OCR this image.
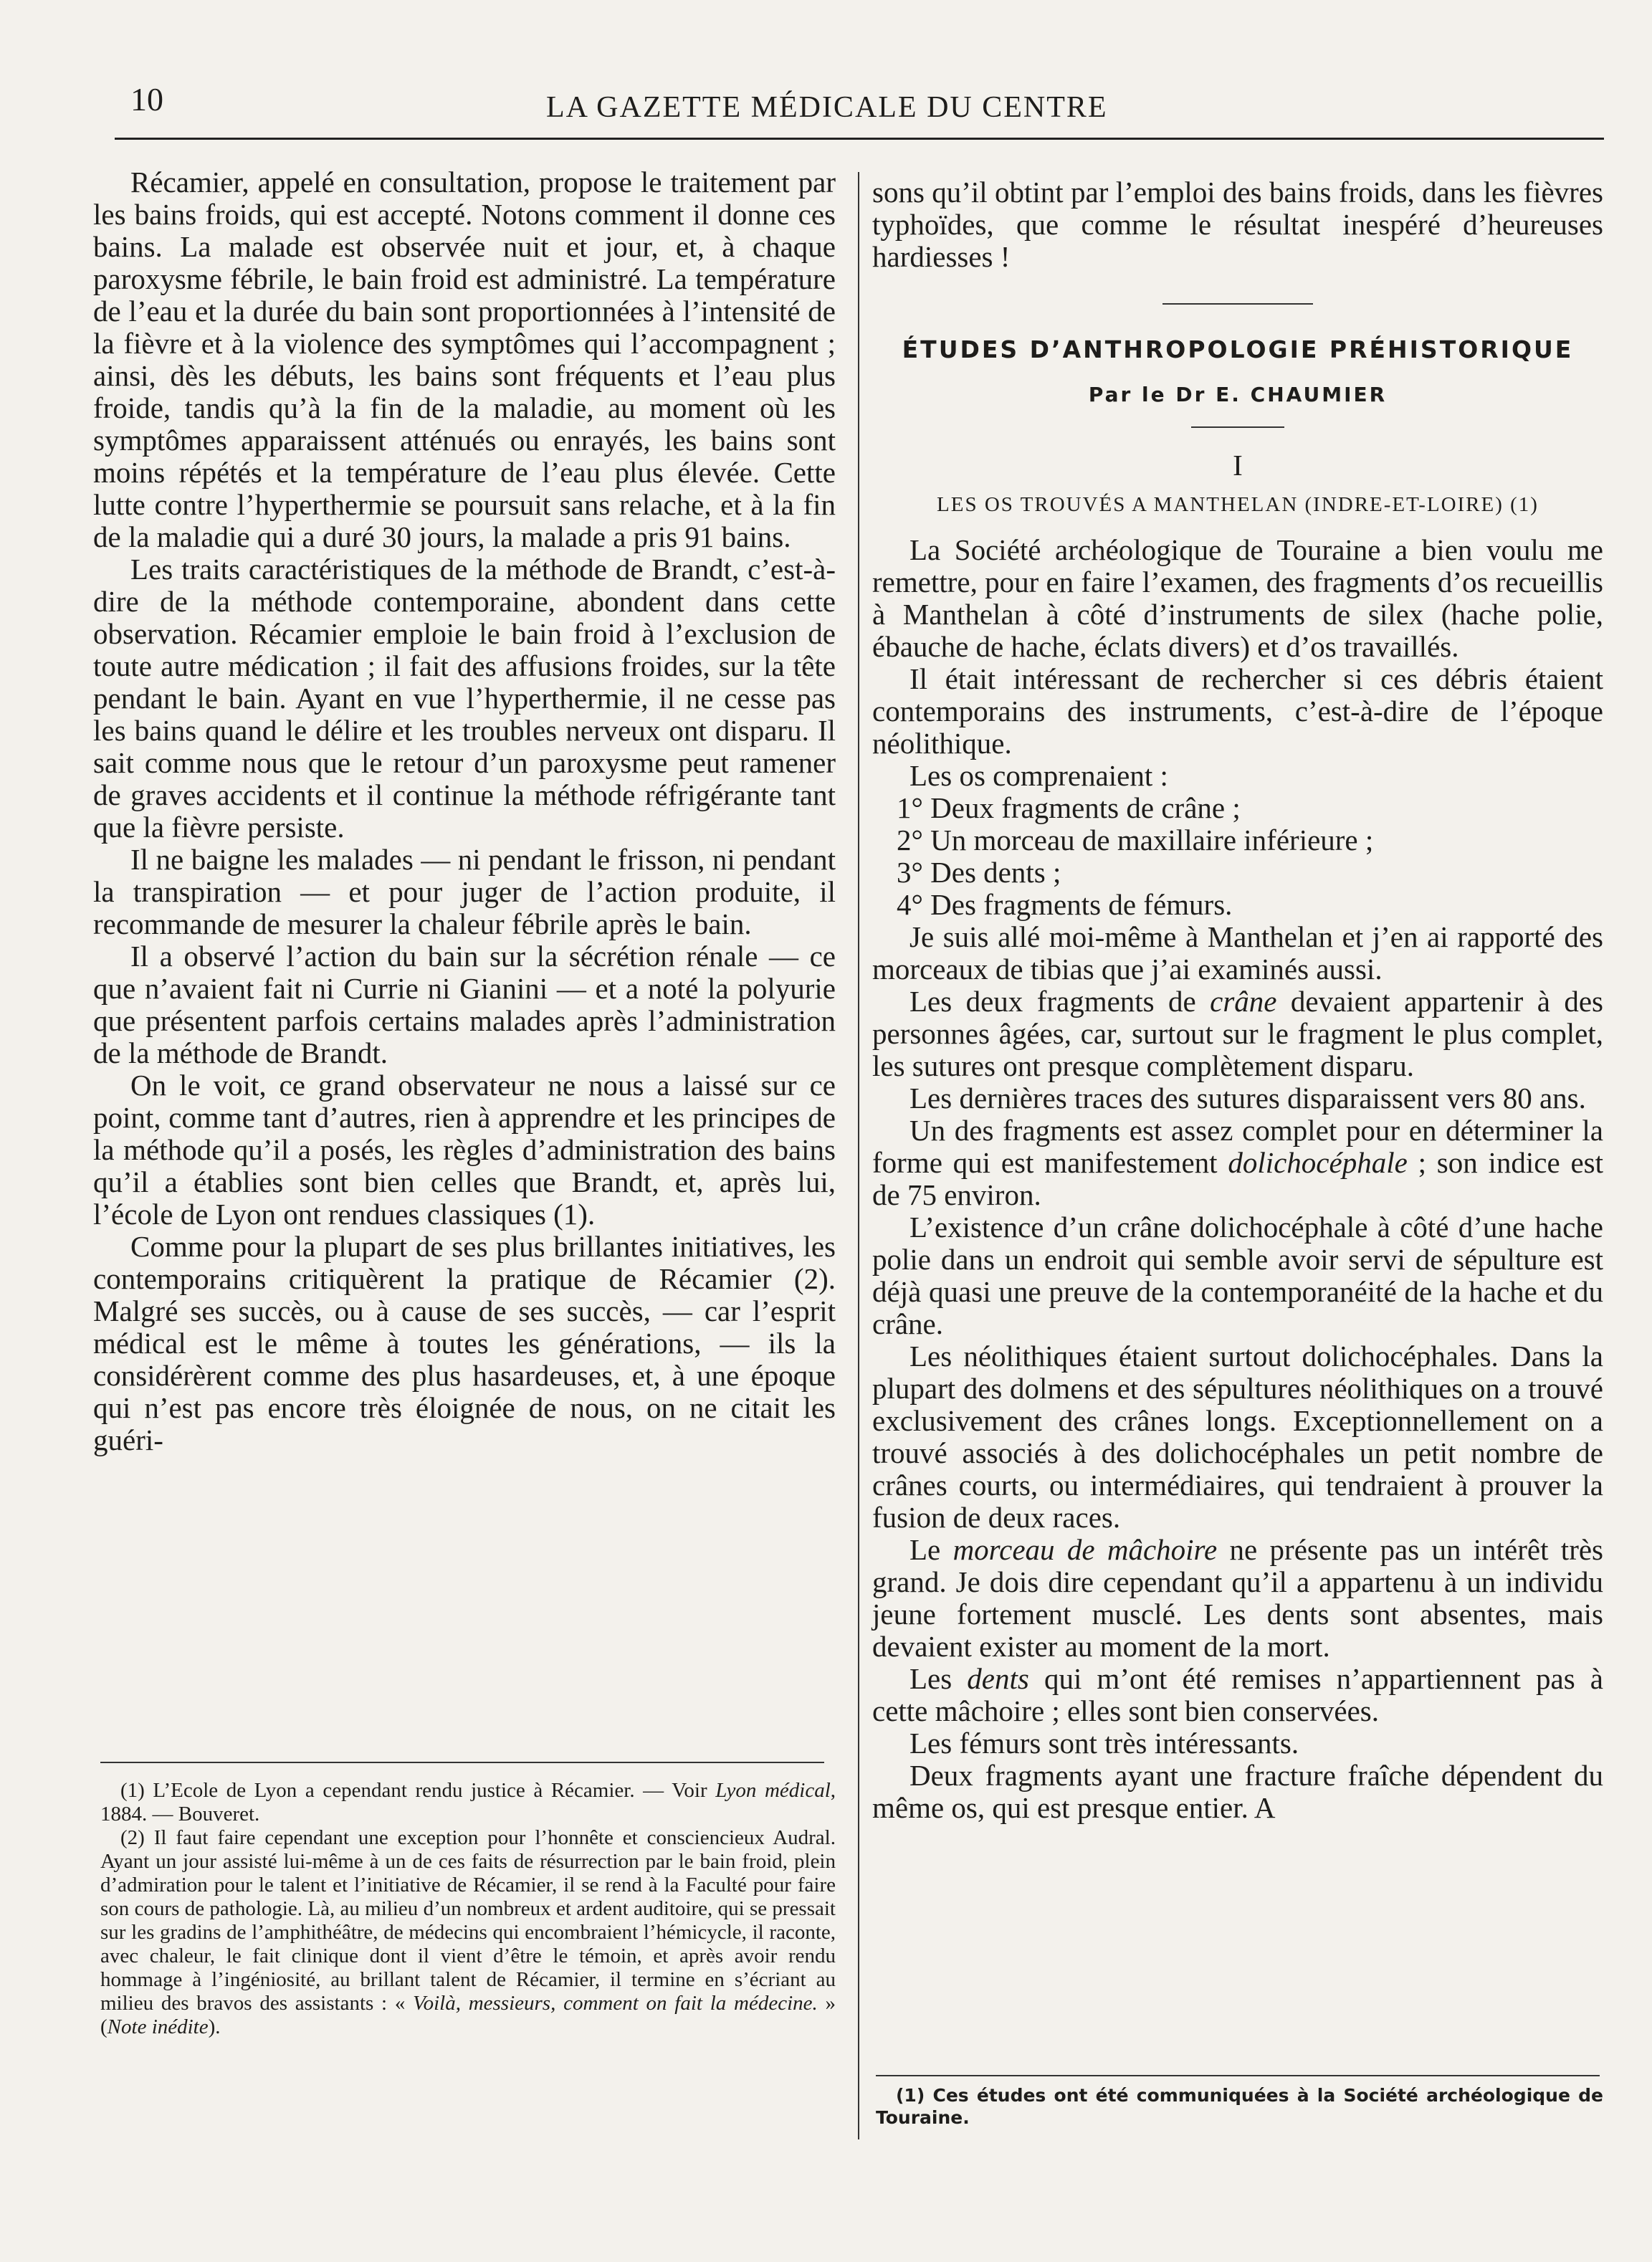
10	LA GAZETTE MÉDICALE DU CENTRE

Récamier, appelé en consultation, propose le traitement par les bains froids, qui est accepté. Notons comment il donne ces bains. La malade est observée nuit et jour, et, à chaque paroxysme fébrile, le bain froid est administré. La température de l’eau et la durée du bain sont proportionnées à l’intensité de la fièvre et à la violence des symptômes qui l’accompagnent ; ainsi, dès les débuts, les bains sont fréquents et l’eau plus froide, tandis qu’à la fin de la maladie, au moment où les symptômes apparaissent atténués ou enrayés, les bains sont moins répétés et la température de l’eau plus élevée. Cette lutte contre l’hyperthermie se poursuit sans relache, et à la fin de la maladie qui a duré 30 jours, la malade a pris 91 bains.

Les traits caractéristiques de la méthode de Brandt, c’est-à-dire de la méthode contemporaine, abondent dans cette observation. Récamier emploie le bain froid à l’exclusion de toute autre médication ; il fait des affusions froides, sur la tête pendant le bain. Ayant en vue l’hyperthermie, il ne cesse pas les bains quand le délire et les troubles nerveux ont disparu. Il sait comme nous que le retour d’un paroxysme peut ramener de graves accidents et il continue la méthode réfrigérante tant que la fièvre persiste.

Il ne baigne les malades — ni pendant le frisson, ni pendant la transpiration — et pour juger de l’action produite, il recommande de mesurer la chaleur fébrile après le bain.

Il a observé l’action du bain sur la sécrétion rénale — ce que n’avaient fait ni Currie ni Gianini — et a noté la polyurie que présentent parfois certains malades après l’administration de la méthode de Brandt.

On le voit, ce grand observateur ne nous a laissé sur ce point, comme tant d’autres, rien à apprendre et les principes de la méthode qu’il a posés, les règles d’administration des bains qu’il a établies sont bien celles que Brandt, et, après lui, l’école de Lyon ont rendues classiques (1).

Comme pour la plupart de ses plus brillantes initiatives, les contemporains critiquèrent la pratique de Récamier (2). Malgré ses succès, ou à cause de ses succès, — car l’esprit médical est le même à toutes les générations, — ils la considérèrent comme des plus hasardeuses, et, à une époque qui n’est pas encore très éloignée de nous, on ne citait les guéri-

(1) L’Ecole de Lyon a cependant rendu justice à Récamier. — Voir Lyon médical, 1884. — Bouveret.

(2) Il faut faire cependant une exception pour l’honnête et consciencieux Audral. Ayant un jour assisté lui-même à un de ces faits de résurrection par le bain froid, plein d’admiration pour le talent et l’initiative de Récamier, il se rend à la Faculté pour faire son cours de pathologie. Là, au milieu d’un nombreux et ardent auditoire, qui se pressait sur les gradins de l’amphithéâtre, de médecins qui encombraient l’hémicycle, il raconte, avec chaleur, le fait clinique dont il vient d’être le témoin, et après avoir rendu hommage à l’ingéniosité, au brillant talent de Récamier, il termine en s’écriant au milieu des bravos des assistants : « Voilà, messieurs, comment on fait la médecine. » (Note inédite).

sons qu’il obtint par l’emploi des bains froids, dans les fièvres typhoïdes, que comme le résultat inespéré d’heureuses hardiesses !

ÉTUDES D’ANTHROPOLOGIE PRÉHISTORIQUE

Par le Dr E. CHAUMIER

I

LES OS TROUVÉS A MANTHELAN (INDRE-ET-LOIRE) (1)

La Société archéologique de Touraine a bien voulu me remettre, pour en faire l’examen, des fragments d’os recueillis à Manthelan à côté d’instruments de silex (hache polie, ébauche de hache, éclats divers) et d’os travaillés.

Il était intéressant de rechercher si ces débris étaient contemporains des instruments, c’est-à-dire de l’époque néolithique.

Les os comprenaient :

1° Deux fragments de crâne ;

2° Un morceau de maxillaire inférieure ;

3° Des dents ;

4° Des fragments de fémurs.

Je suis allé moi-même à Manthelan et j’en ai rapporté des morceaux de tibias que j’ai examinés aussi.

Les deux fragments de crâne devaient appartenir à des personnes âgées, car, surtout sur le fragment le plus complet, les sutures ont presque complètement disparu.

Les dernières traces des sutures disparaissent vers 80 ans.

Un des fragments est assez complet pour en déterminer la forme qui est manifestement dolichocéphale ; son indice est de 75 environ.

L’existence d’un crâne dolichocéphale à côté d’une hache polie dans un endroit qui semble avoir servi de sépulture est déjà quasi une preuve de la contemporanéité de la hache et du crâne.

Les néolithiques étaient surtout dolichocéphales. Dans la plupart des dolmens et des sépultures néolithiques on a trouvé exclusivement des crânes longs. Exceptionnellement on a trouvé associés à des dolichocéphales un petit nombre de crânes courts, ou intermédiaires, qui tendraient à prouver la fusion de deux races.

Le morceau de mâchoire ne présente pas un intérêt très grand. Je dois dire cependant qu’il a appartenu à un individu jeune fortement musclé. Les dents sont absentes, mais devaient exister au moment de la mort.

Les dents qui m’ont été remises n’appartiennent pas à cette mâchoire ; elles sont bien conservées.

Les fémurs sont très intéressants.

Deux fragments ayant une fracture fraîche dépendent du même os, qui est presque entier. A

(1) Ces études ont été communiquées à la Société archéologique de Touraine.
